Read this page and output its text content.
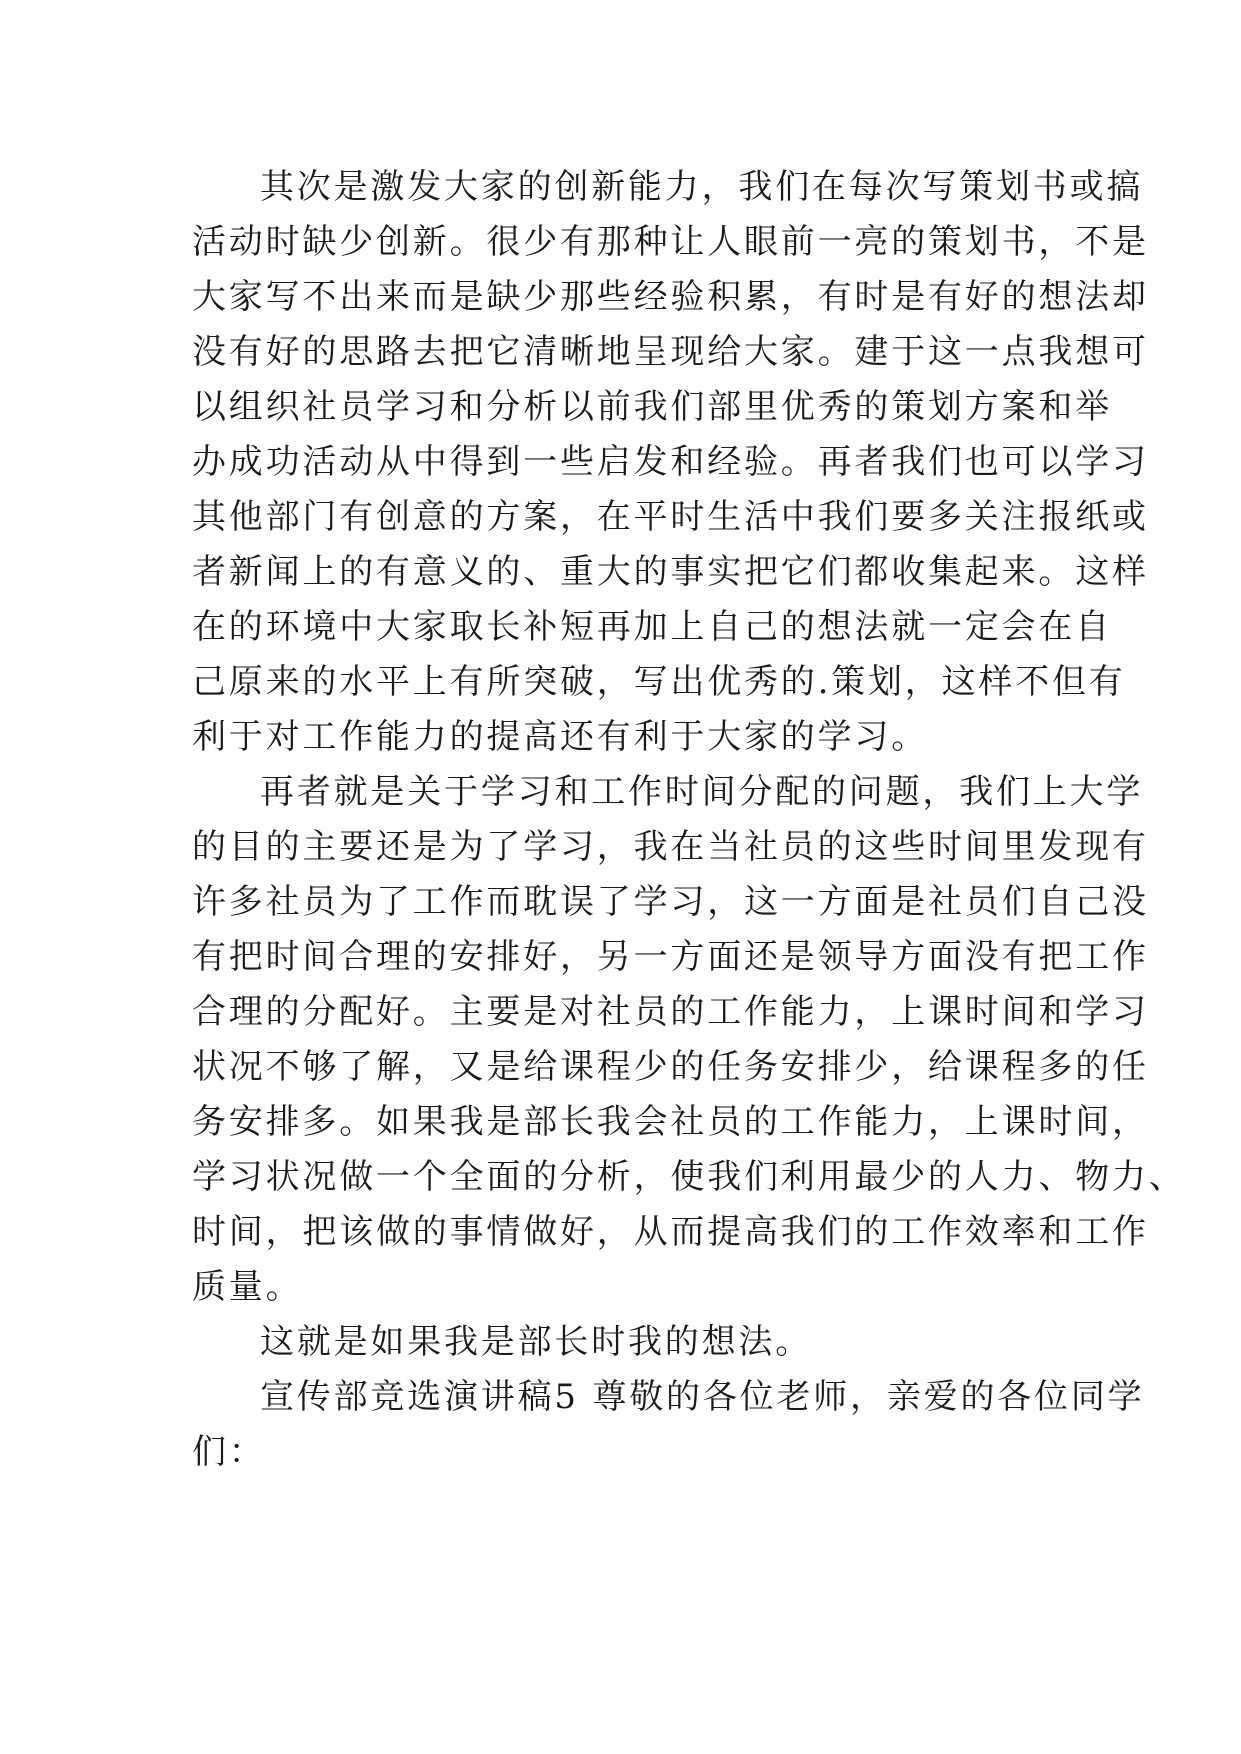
其次是激发大家的创新能力，我们在每次写策划书或搞
活动时缺少创新。很少有那种让人眼前一亮的策划书，不是
大家写不出来而是缺少那些经验积累，有时是有好的想法却
没有好的思路去把它清晰地呈现给大家。建于这一点我想可
以组织社员学习和分析以前我们部里优秀的策划方案和举
办成功活动从中得到一些启发和经验。再者我们也可以学习
其他部门有创意的方案，在平时生活中我们要多关注报纸或
者新闻上的有意义的、重大的事实把它们都收集起来。这样
在的环境中大家取长补短再加上自己的想法就一定会在自
己原来的水平上有所突破，写出优秀的.策划，这样不但有
利于对工作能力的提高还有利于大家的学习。
再者就是关于学习和工作时间分配的问题，我们上大学
的目的主要还是为了学习，我在当社员的这些时间里发现有
许多社员为了工作而耽误了学习，这一方面是社员们自己没
有把时间合理的安排好，另一方面还是领导方面没有把工作
合理的分配好。主要是对社员的工作能力，上课时间和学习
状况不够了解，又是给课程少的任务安排少，给课程多的任
务安排多。如果我是部长我会社员的工作能力，上课时间，
学习状况做一个全面的分析，使我们利用最少的人力、物力、
时间，把该做的事情做好，从而提高我们的工作效率和工作
质量。
这就是如果我是部长时我的想法。
宣传部竞选演讲稿5 尊敬的各位老师，亲爱的各位同学
们：
